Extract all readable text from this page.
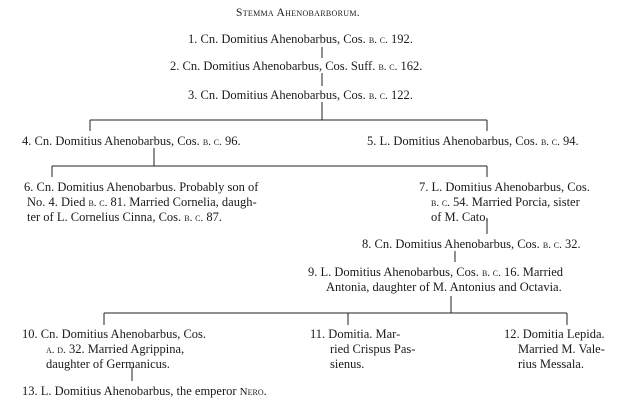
Stemma Ahenobarborum.
1. Cn. Domitius Ahenobarbus, Cos. b. c. 192.
2. Cn. Domitius Ahenobarbus, Cos. Suff. b. c. 162.
3. Cn. Domitius Ahenobarbus, Cos. b. c. 122.
4. Cn. Domitius Ahenobarbus, Cos. b. c. 96.	5. L. Domitius Ahenobarbus, Cos. b. c. 94.
6. Cn. Domitius Ahenobarbus. Probably son of
No. 4. Died b. c. 81. Married Cornelia, daugh-
ter of L. Cornelius Cinna, Cos. b. c. 87.
7. L. Domitius Ahenobarbus, Cos.
b. c. 54. Married Porcia, sister
of M. Cato.
8. Cn. Domitius Ahenobarbus, Cos. b. c. 32.
9. L. Domitius Ahenobarbus, Cos. b. c. 16. Married
Antonia, daughter of M. Antonius and Octavia.
10. Cn. Domitius Ahenobarbus, Cos.
a. d. 32. Married Agrippina,
daughter of Germanicus.
11. Domitia. Mar-
ried Crispus Pas-
sienus.
12. Domitia Lepida.
Married M. Vale-
rius Messala.
13. L. Domitius Ahenobarbus, the emperor Nero.
